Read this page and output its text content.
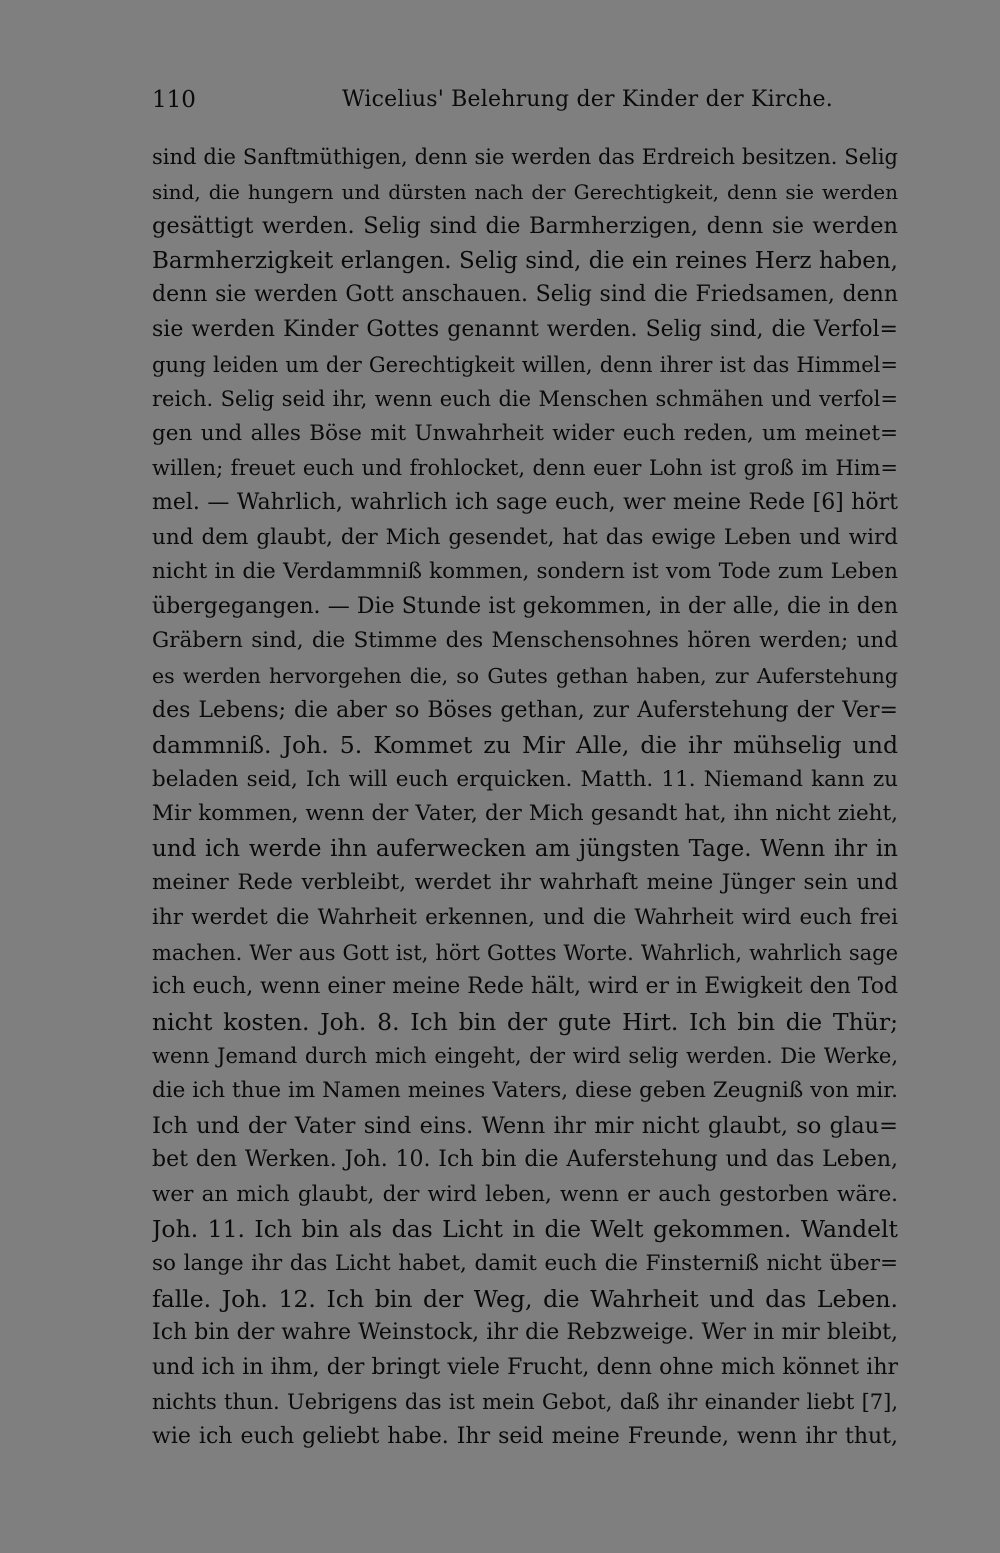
110	Wicelius' Belehrung der Kinder der Kirche.
sind die Sanftmüthigen, denn sie werden das Erdreich besitzen. Selig
sind, die hungern und dürsten nach der Gerechtigkeit, denn sie werden
gesättigt werden. Selig sind die Barmherzigen, denn sie werden
Barmherzigkeit erlangen. Selig sind, die ein reines Herz haben,
denn sie werden Gott anschauen. Selig sind die Friedsamen, denn
sie werden Kinder Gottes genannt werden. Selig sind, die Verfol=
gung leiden um der Gerechtigkeit willen, denn ihrer ist das Himmel=
reich. Selig seid ihr, wenn euch die Menschen schmähen und verfol=
gen und alles Böse mit Unwahrheit wider euch reden, um meinet=
willen; freuet euch und frohlocket, denn euer Lohn ist groß im Him=
mel. — Wahrlich, wahrlich ich sage euch, wer meine Rede [6] hört
und dem glaubt, der Mich gesendet, hat das ewige Leben und wird
nicht in die Verdammniß kommen, sondern ist vom Tode zum Leben
übergegangen. — Die Stunde ist gekommen, in der alle, die in den
Gräbern sind, die Stimme des Menschensohnes hören werden; und
es werden hervorgehen die, so Gutes gethan haben, zur Auferstehung
des Lebens; die aber so Böses gethan, zur Auferstehung der Ver=
dammniß. Joh. 5. Kommet zu Mir Alle, die ihr mühselig und
beladen seid, Ich will euch erquicken. Matth. 11. Niemand kann zu
Mir kommen, wenn der Vater, der Mich gesandt hat, ihn nicht zieht,
und ich werde ihn auferwecken am jüngsten Tage. Wenn ihr in
meiner Rede verbleibt, werdet ihr wahrhaft meine Jünger sein und
ihr werdet die Wahrheit erkennen, und die Wahrheit wird euch frei
machen. Wer aus Gott ist, hört Gottes Worte. Wahrlich, wahrlich sage
ich euch, wenn einer meine Rede hält, wird er in Ewigkeit den Tod
nicht kosten. Joh. 8. Ich bin der gute Hirt. Ich bin die Thür;
wenn Jemand durch mich eingeht, der wird selig werden. Die Werke,
die ich thue im Namen meines Vaters, diese geben Zeugniß von mir.
Ich und der Vater sind eins. Wenn ihr mir nicht glaubt, so glau=
bet den Werken. Joh. 10. Ich bin die Auferstehung und das Leben,
wer an mich glaubt, der wird leben, wenn er auch gestorben wäre.
Joh. 11. Ich bin als das Licht in die Welt gekommen. Wandelt
so lange ihr das Licht habet, damit euch die Finsterniß nicht über=
falle. Joh. 12. Ich bin der Weg, die Wahrheit und das Leben.
Ich bin der wahre Weinstock, ihr die Rebzweige. Wer in mir bleibt,
und ich in ihm, der bringt viele Frucht, denn ohne mich könnet ihr
nichts thun. Uebrigens das ist mein Gebot, daß ihr einander liebt [7],
wie ich euch geliebt habe. Ihr seid meine Freunde, wenn ihr thut,
